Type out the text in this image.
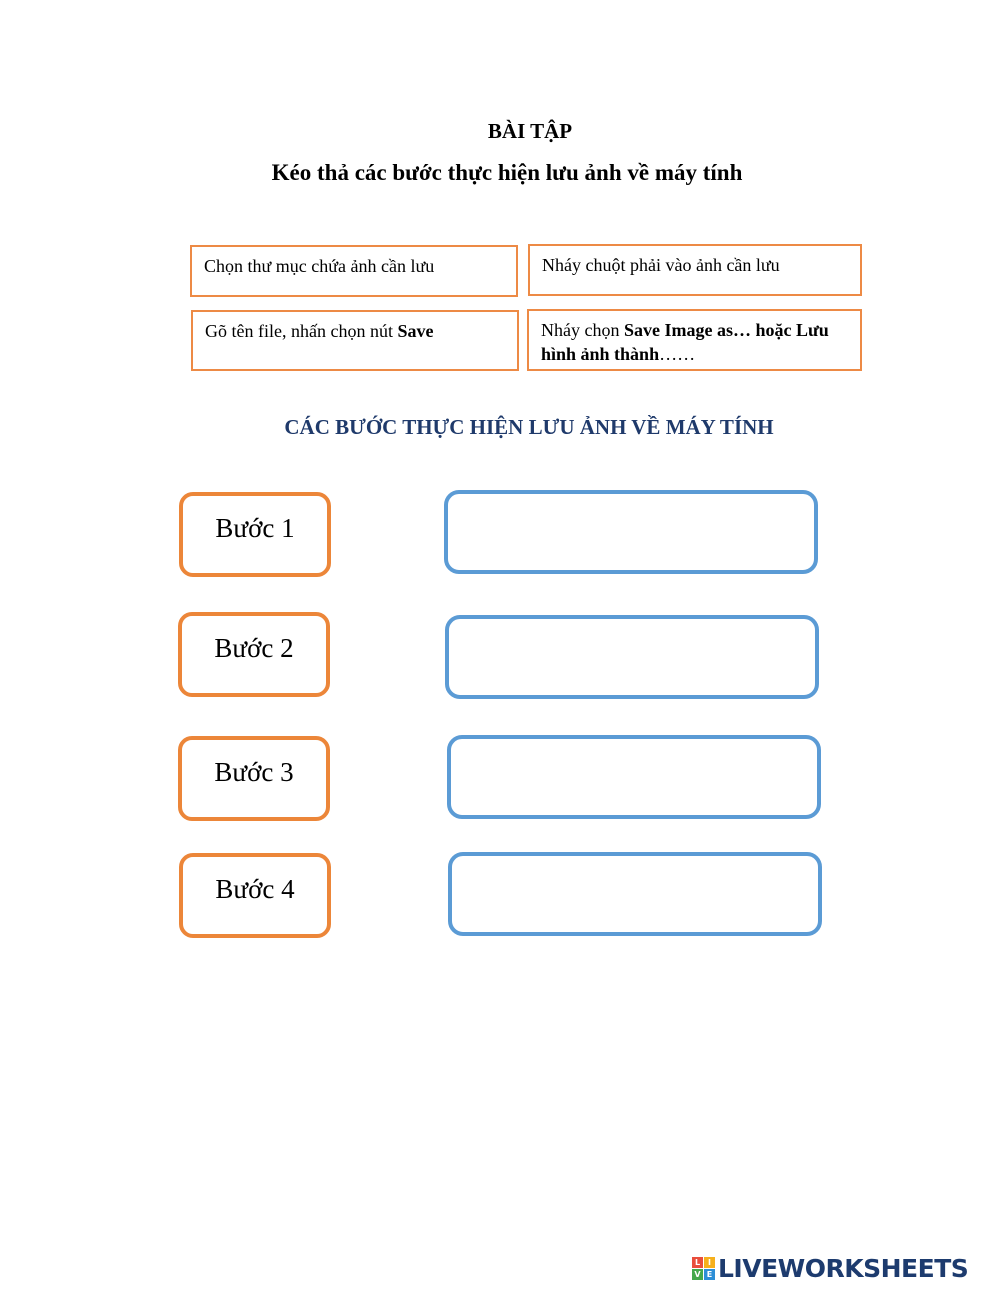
BÀI TẬP
Kéo thả các bước thực hiện lưu ảnh về máy tính
Chọn thư mục chứa ảnh cần lưu	Nháy chuột phải vào ảnh cần lưu
Gõ tên file, nhấn chọn nút Save	Nháy chọn Save Image as… hoặc Lưu hình ảnh thành……
CÁC BƯỚC THỰC HIỆN LƯU ẢNH VỀ MÁY TÍNH
Bước 1
Bước 2
Bước 3
Bước 4
L I
V E LIVEWORKSHEETS
